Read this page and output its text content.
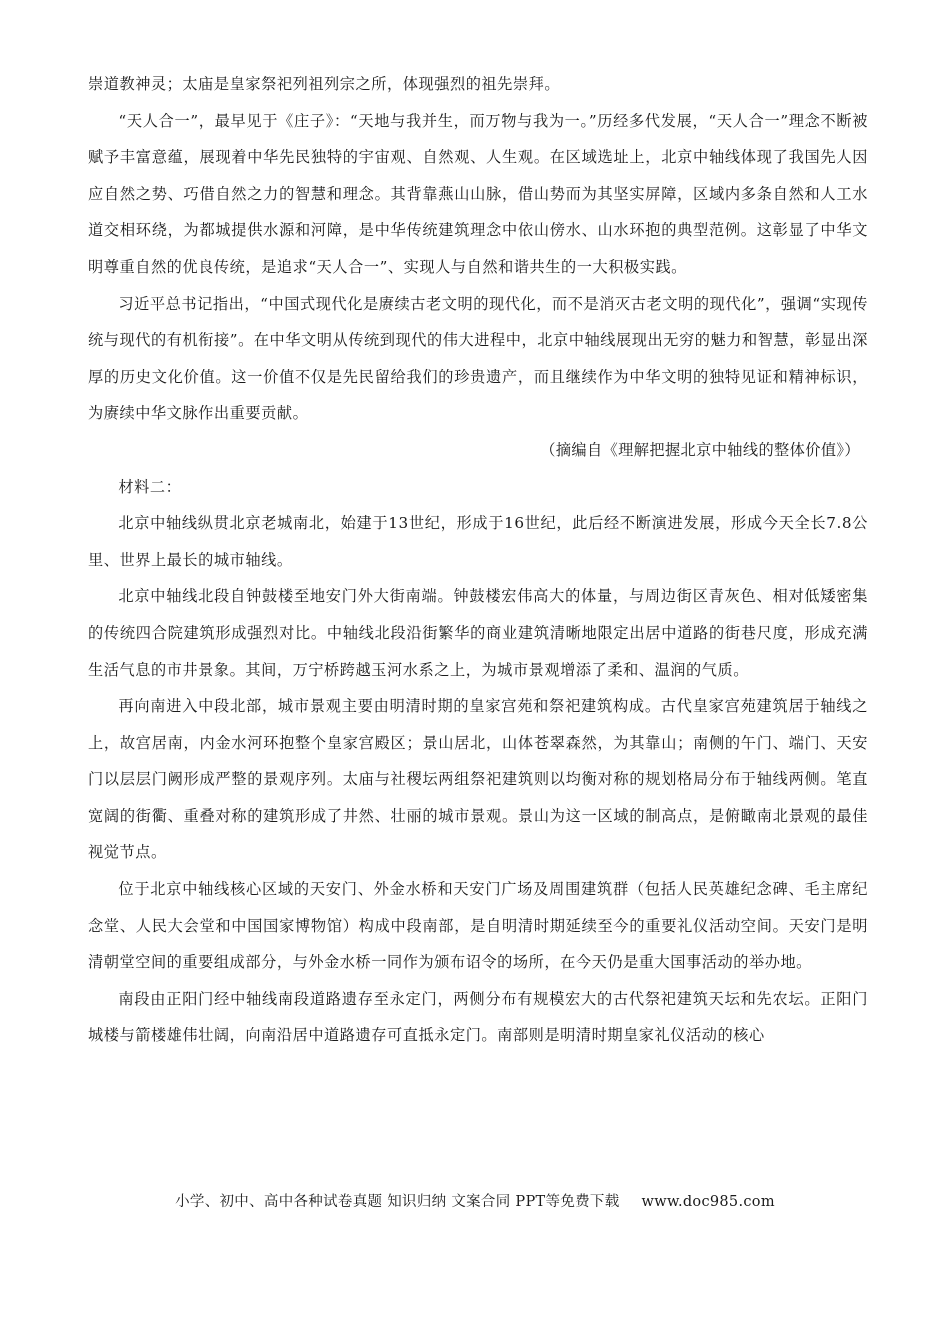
崇道教神灵；太庙是皇家祭祀列祖列宗之所，体现强烈的祖先崇拜。

“天人合一”，最早见于《庄子》：“天地与我并生，而万物与我为一。”历经多代发展，“天人合一”理念不断被赋予丰富意蕴，展现着中华先民独特的宇宙观、自然观、人生观。在区域选址上，北京中轴线体现了我国先人因应自然之势、巧借自然之力的智慧和理念。其背靠燕山山脉，借山势而为其坚实屏障，区域内多条自然和人工水道交相环绕，为都城提供水源和河障，是中华传统建筑理念中依山傍水、山水环抱的典型范例。这彰显了中华文明尊重自然的优良传统，是追求“天人合一”、实现人与自然和谐共生的一大积极实践。

习近平总书记指出，“中国式现代化是赓续古老文明的现代化，而不是消灭古老文明的现代化”，强调“实现传统与现代的有机衔接”。在中华文明从传统到现代的伟大进程中，北京中轴线展现出无穷的魅力和智慧，彰显出深厚的历史文化价值。这一价值不仅是先民留给我们的珍贵遗产，而且继续作为中华文明的独特见证和精神标识，为赓续中华文脉作出重要贡献。

（摘编自《理解把握北京中轴线的整体价值》）

材料二：

北京中轴线纵贯北京老城南北，始建于13世纪，形成于16世纪，此后经不断演进发展，形成今天全长7.8公里、世界上最长的城市轴线。

北京中轴线北段自钟鼓楼至地安门外大街南端。钟鼓楼宏伟高大的体量，与周边街区青灰色、相对低矮密集的传统四合院建筑形成强烈对比。中轴线北段沿街繁华的商业建筑清晰地限定出居中道路的街巷尺度，形成充满生活气息的市井景象。其间，万宁桥跨越玉河水系之上，为城市景观增添了柔和、温润的气质。

再向南进入中段北部，城市景观主要由明清时期的皇家宫苑和祭祀建筑构成。古代皇家宫苑建筑居于轴线之上，故宫居南，内金水河环抱整个皇家宫殿区；景山居北，山体苍翠森然，为其靠山；南侧的午门、端门、天安门以层层门阙形成严整的景观序列。太庙与社稷坛两组祭祀建筑则以均衡对称的规划格局分布于轴线两侧。笔直宽阔的街衢、重叠对称的建筑形成了井然、壮丽的城市景观。景山为这一区域的制高点，是俯瞰南北景观的最佳视觉节点。

位于北京中轴线核心区域的天安门、外金水桥和天安门广场及周围建筑群（包括人民英雄纪念碑、毛主席纪念堂、人民大会堂和中国国家博物馆）构成中段南部，是自明清时期延续至今的重要礼仪活动空间。天安门是明清朝堂空间的重要组成部分，与外金水桥一同作为颁布诏令的场所，在今天仍是重大国事活动的举办地。

南段由正阳门经中轴线南段道路遗存至永定门，两侧分布有规模宏大的古代祭祀建筑天坛和先农坛。正阳门城楼与箭楼雄伟壮阔，向南沿居中道路遗存可直抵永定门。南部则是明清时期皇家礼仪活动的核心

小学、初中、高中各种试卷真题 知识归纳 文案合同 PPT等免费下载 www.doc985.com
